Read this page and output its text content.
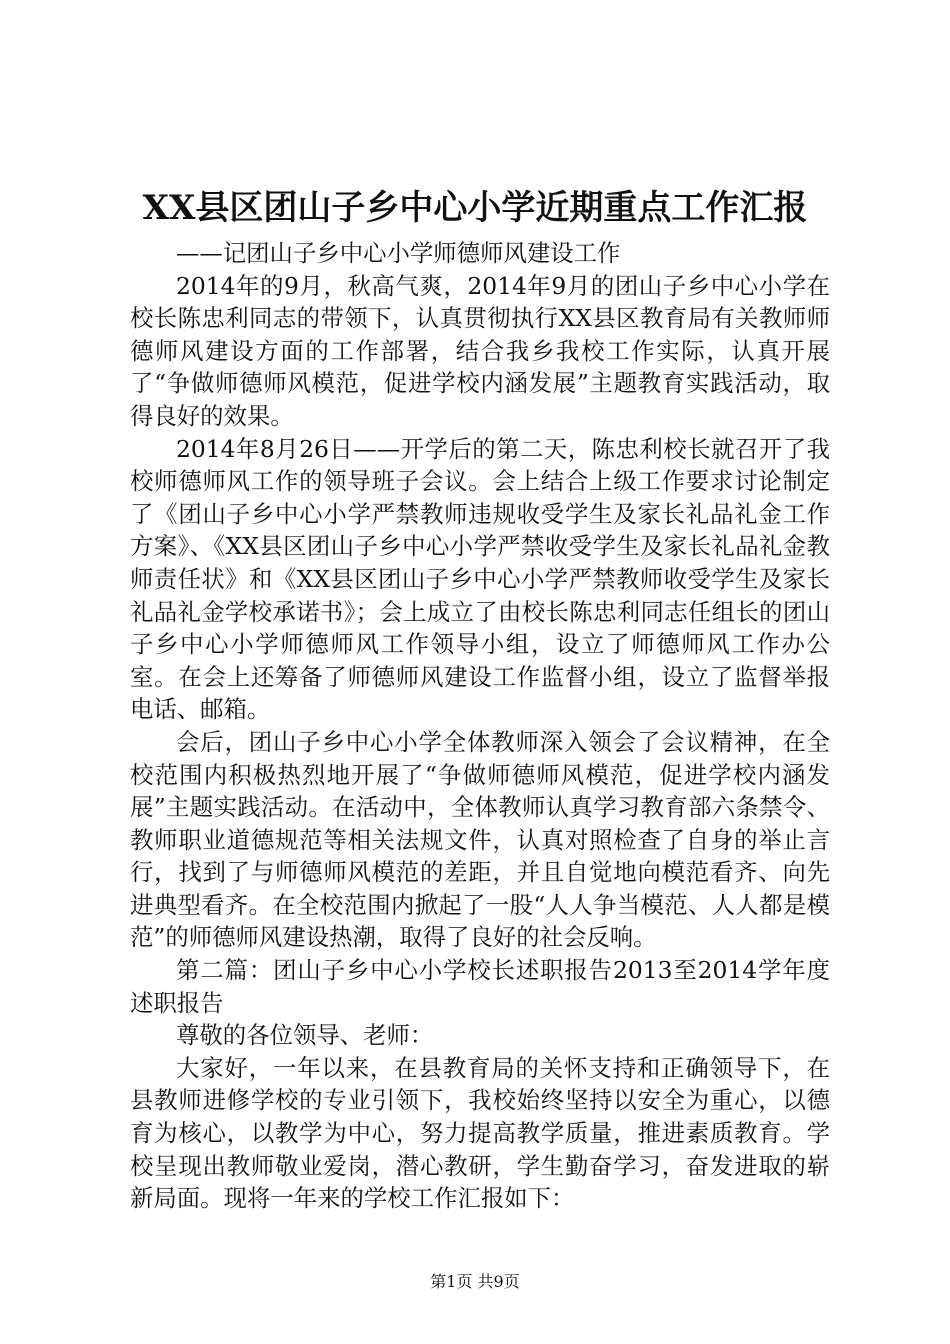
XX县区团山子乡中心小学近期重点工作汇报

——记团山子乡中心小学师德师风建设工作

2014年的9月，秋高气爽，2014年9月的团山子乡中心小学在校长陈忠利同志的带领下，认真贯彻执行XX县区教育局有关教师师德师风建设方面的工作部署，结合我乡我校工作实际，认真开展了“争做师德师风模范，促进学校内涵发展”主题教育实践活动，取得良好的效果。

2014年8月26日——开学后的第二天，陈忠利校长就召开了我校师德师风工作的领导班子会议。会上结合上级工作要求讨论制定了《团山子乡中心小学严禁教师违规收受学生及家长礼品礼金工作方案》、《XX县区团山子乡中心小学严禁收受学生及家长礼品礼金教师责任状》和《XX县区团山子乡中心小学严禁教师收受学生及家长礼品礼金学校承诺书》；会上成立了由校长陈忠利同志任组长的团山子乡中心小学师德师风工作领导小组，设立了师德师风工作办公室。在会上还筹备了师德师风建设工作监督小组，设立了监督举报电话、邮箱。

会后，团山子乡中心小学全体教师深入领会了会议精神，在全校范围内积极热烈地开展了“争做师德师风模范，促进学校内涵发展”主题实践活动。在活动中，全体教师认真学习教育部六条禁令、教师职业道德规范等相关法规文件，认真对照检查了自身的举止言行，找到了与师德师风模范的差距，并且自觉地向模范看齐、向先进典型看齐。在全校范围内掀起了一股“人人争当模范、人人都是模范”的师德师风建设热潮，取得了良好的社会反响。

第二篇：团山子乡中心小学校长述职报告2013至2014学年度述职报告

尊敬的各位领导、老师：

大家好，一年以来，在县教育局的关怀支持和正确领导下，在县教师进修学校的专业引领下，我校始终坚持以安全为重心，以德育为核心，以教学为中心，努力提高教学质量，推进素质教育。学校呈现出教师敬业爱岗，潜心教研，学生勤奋学习，奋发进取的崭新局面。现将一年来的学校工作汇报如下：

第1页 共9页
